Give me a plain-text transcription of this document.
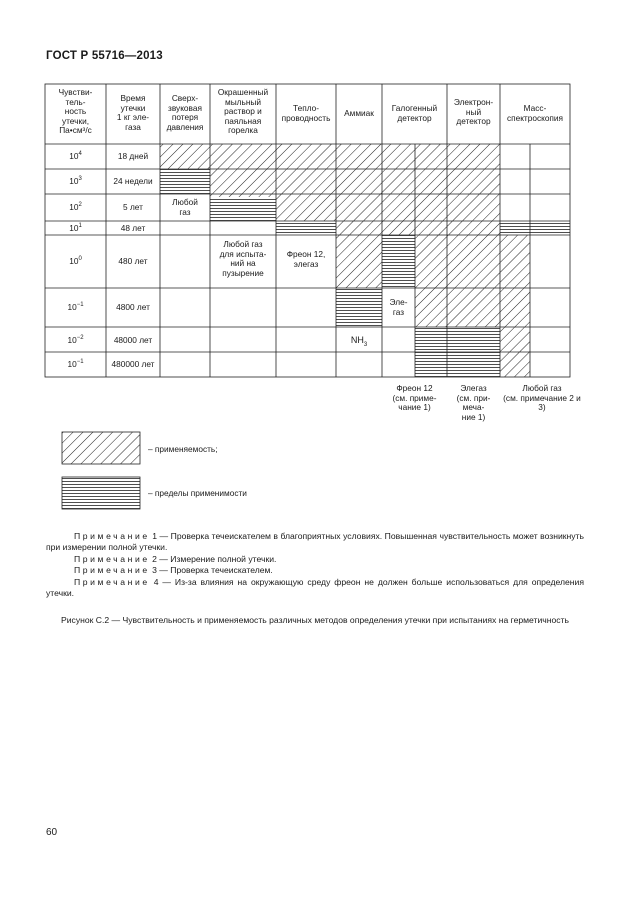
ГОСТ Р 55716—2013
Чувстви-
тель-
ность
утечки,
Па•см³/с
Время
утечки
1 кг эле-
газа
Сверх-
звуковая
потеря
давления
Окрашенный
мыльный
раствор и
паяльная
горелка
Тепло-
проводность	Аммиак	Галогенный
детектор
Электрон-
ный
детектор
Масс-
спектроскопия
$10^4$
$10^3$
$10^2$
$10^1$
$10^0$
$10^{-1}$
$10^{-2}$
$10^{-1}$
18 дней
24 недели
5 лет
48 лет
480 лет
4800 лет
48000 лет
480000 лет
Любой
газ
Любой газ
для испыта-
ний на
пузырение
Фреон 12,
элегаз
Эле-
газ
$NH_3$
Фреон 12
(см. приме-
чание 1)
Элегаз
(см. при-
меча-
ние 1)
Любой газ
(см. примечание 2 и 3)
– применяемость;
– пределы применимости

Примечание 1 — Проверка течеискателем в благоприятных условиях. Повышенная чувствительность может возникнуть при измерении полной утечки.

Примечание 2 — Измерение полной утечки.

Примечание 3 — Проверка течеискателем.

Примечание 4 — Из-за влияния на окружающую среду фреон не должен больше использоваться для определения утечки.

Рисунок С.2 — Чувствительность и применяемость различных методов определения утечки при испытаниях на герметичность
60
